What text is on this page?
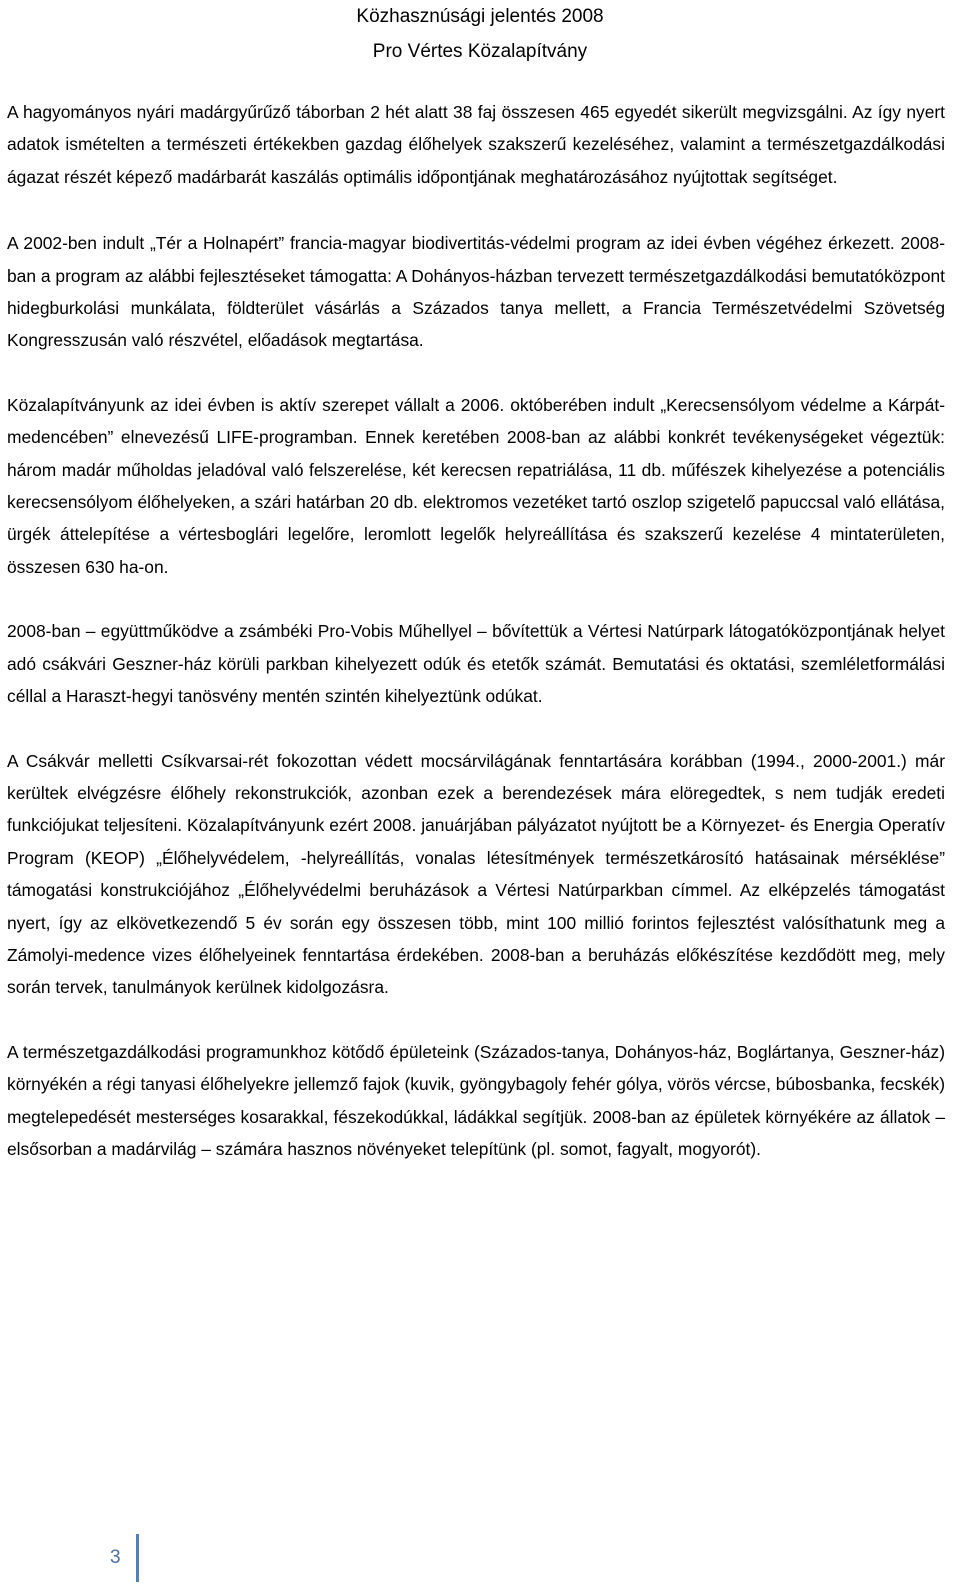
Közhasznúsági jelentés 2008
Pro Vértes Közalapítvány

A hagyományos nyári madárgyűrűző táborban 2 hét alatt 38 faj összesen 465 egyedét sikerült megvizsgálni. Az így nyert adatok ismételten a természeti értékekben gazdag élőhelyek szakszerű kezeléséhez, valamint a természetgazdálkodási ágazat részét képező madárbarát kaszálás optimális időpontjának meghatározásához nyújtottak segítséget.

A 2002-ben indult „Tér a Holnapért” francia-magyar biodivertitás-védelmi program az idei évben végéhez érkezett. 2008-ban a program az alábbi fejlesztéseket támogatta: A Dohányos-házban tervezett természetgazdálkodási bemutatóközpont hidegburkolási munkálata, földterület vásárlás a Százados tanya mellett, a Francia Természetvédelmi Szövetség Kongresszusán való részvétel, előadások megtartása.

Közalapítványunk az idei évben is aktív szerepet vállalt a 2006. októberében indult „Kerecsensólyom védelme a Kárpát-medencében” elnevezésű LIFE-programban. Ennek keretében 2008-ban az alábbi konkrét tevékenységeket végeztük: három madár műholdas jeladóval való felszerelése, két kerecsen repatriálása, 11 db. műfészek kihelyezése a potenciális kerecsensólyom élőhelyeken, a szári határban 20 db. elektromos vezetéket tartó oszlop szigetelő papuccsal való ellátása, ürgék áttelepítése a vértesboglári legelőre, leromlott legelők helyreállítása és szakszerű kezelése 4 mintaterületen, összesen 630 ha-on.

2008-ban – együttműködve a zsámbéki Pro-Vobis Műhellyel – bővítettük a Vértesi Natúrpark látogatóközpontjának helyet adó csákvári Geszner-ház körüli parkban kihelyezett odúk és etetők számát. Bemutatási és oktatási, szemléletformálási céllal a Haraszt-hegyi tanösvény mentén szintén kihelyeztünk odúkat.

A Csákvár melletti Csíkvarsai-rét fokozottan védett mocsárvilágának fenntartására korábban (1994., 2000-2001.) már kerültek elvégzésre élőhely rekonstrukciók, azonban ezek a berendezések mára elöregedtek, s nem tudják eredeti funkciójukat teljesíteni. Közalapítványunk ezért 2008. januárjában pályázatot nyújtott be a Környezet- és Energia Operatív Program (KEOP) „Élőhelyvédelem, -helyreállítás, vonalas létesítmények természetkárosító hatásainak mérséklése” támogatási konstrukciójához „Élőhelyvédelmi beruházások a Vértesi Natúrparkban címmel. Az elképzelés támogatást nyert, így az elkövetkezendő 5 év során egy összesen több, mint 100 millió forintos fejlesztést valósíthatunk meg a Zámolyi-medence vizes élőhelyeinek fenntartása érdekében. 2008-ban a beruházás előkészítése kezdődött meg, mely során tervek, tanulmányok kerülnek kidolgozásra.

A természetgazdálkodási programunkhoz kötődő épületeink (Százados-tanya, Dohányos-ház, Boglártanya, Geszner-ház) környékén a régi tanyasi élőhelyekre jellemző fajok (kuvik, gyöngybagoly fehér gólya, vörös vércse, búbosbanka, fecskék) megtelepedését mesterséges kosarakkal, fészekodúkkal, ládákkal segítjük. 2008-ban az épületek környékére az állatok – elsősorban a madárvilág – számára hasznos növényeket telepítünk (pl. somot, fagyalt, mogyorót).

3
